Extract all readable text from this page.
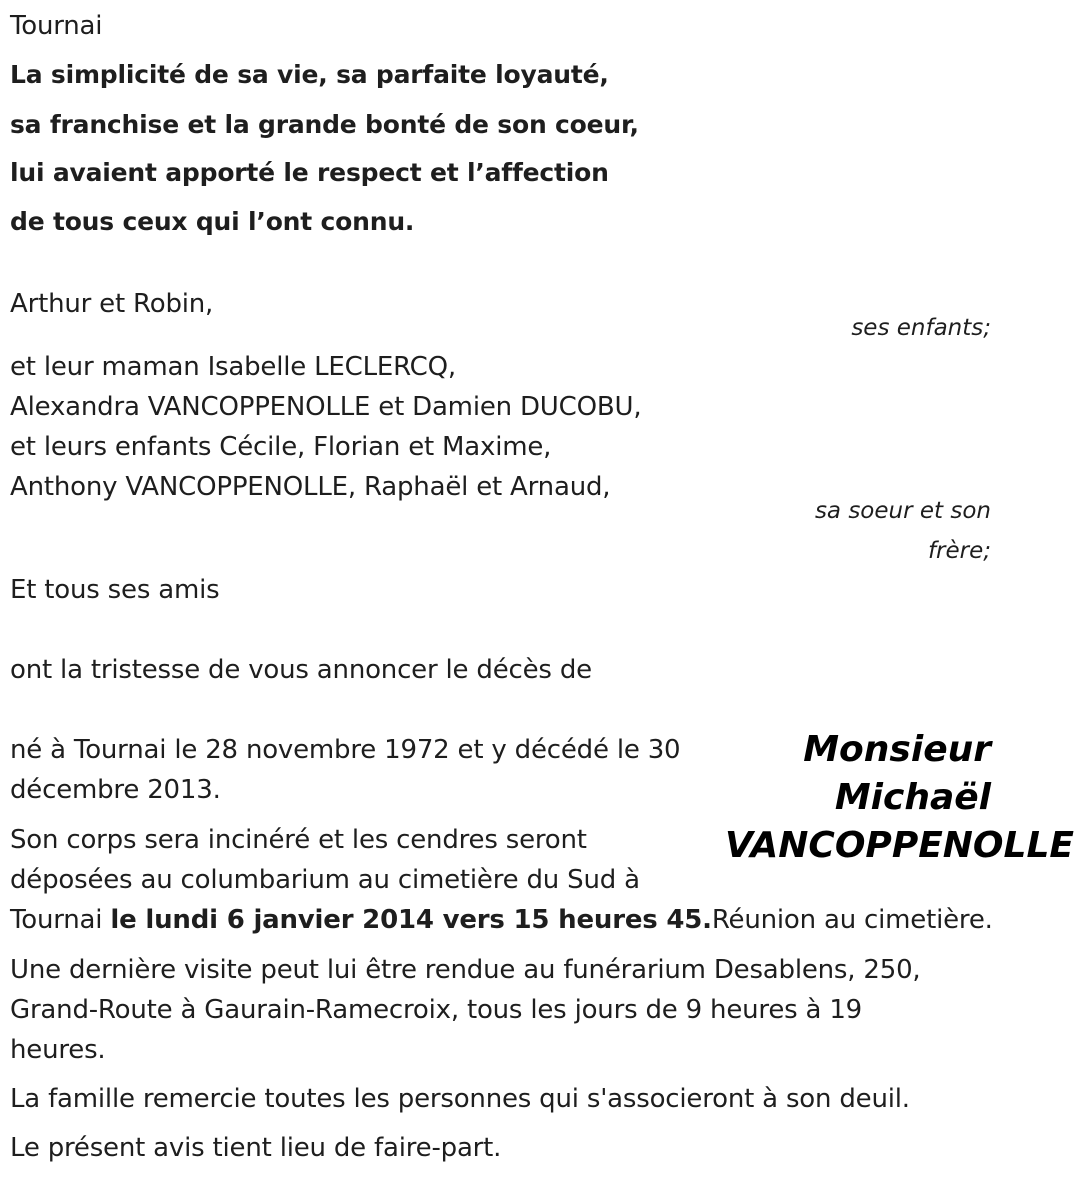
Tournai

La simplicité de sa vie, sa parfaite loyauté,

sa franchise et la grande bonté de son coeur,

lui avaient apporté le respect et l’affection

de tous ceux qui l’ont connu.

Arthur et Robin,

ses enfants;

et leur maman Isabelle LECLERCQ,

Alexandra VANCOPPENOLLE et Damien DUCOBU,

et leurs enfants Cécile, Florian et Maxime,

Anthony VANCOPPENOLLE, Raphaël et Arnaud,

sa soeur et son

frère;

Et tous ses amis

ont la tristesse de vous annoncer le décès de

Monsieur

Michaël

VANCOPPENOLLE

né à Tournai le 28 novembre 1972 et y décédé le 30

décembre 2013.

Son corps sera incinéré et les cendres seront

déposées au columbarium au cimetière du Sud à

Tournai le lundi 6 janvier 2014 vers 15 heures 45.Réunion au cimetière.

Une dernière visite peut lui être rendue au funérarium Desablens, 250,

Grand-Route à Gaurain-Ramecroix, tous les jours de 9 heures à 19

heures.

La famille remercie toutes les personnes qui s'associeront à son deuil.

Le présent avis tient lieu de faire-part.
